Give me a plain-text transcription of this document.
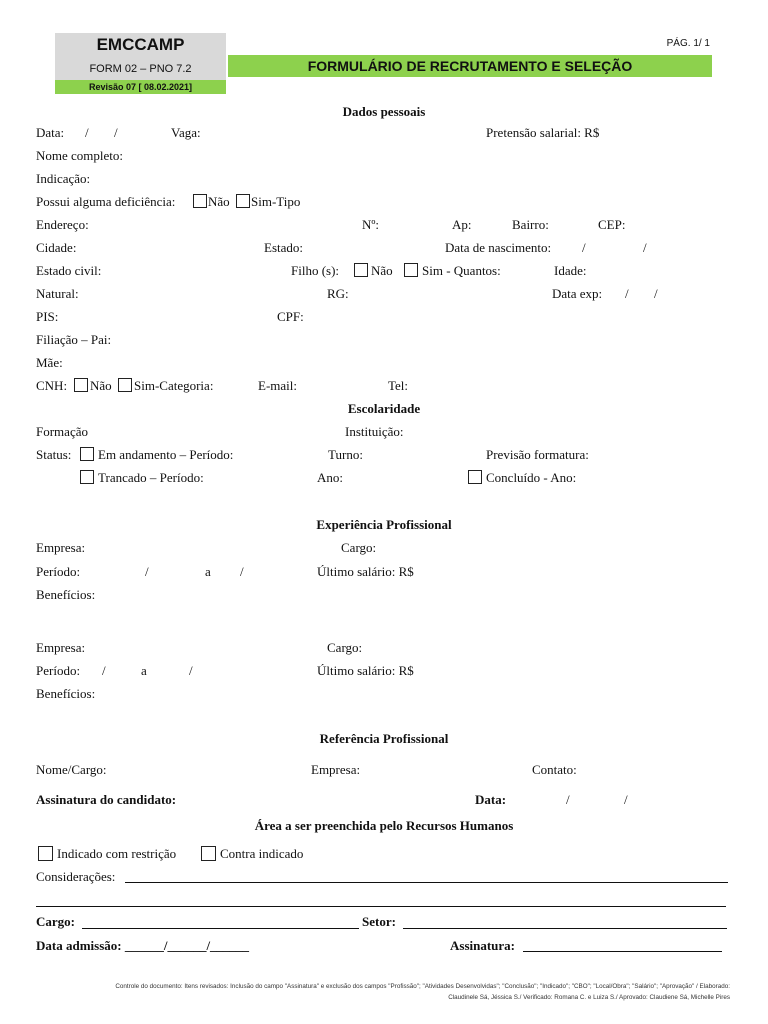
EMCCAMP
FORM 02 – PNO 7.2
Revisão 07 [ 08.02.2021]
FORMULÁRIO DE RECRUTAMENTO E SELEÇÃO
PÁG. 1/ 1
Dados pessoais
Data: / /	Vaga:	Pretensão salarial: R$
Nome completo:
Indicação:
Possui alguma deficiência:	Não Sim-Tipo
Endereço:	Nº:	Ap:	Bairro:	CEP:
Cidade:	Estado:	Data de nascimento: /	/
Estado civil:	Filho (s): Não Sim - Quantos:	Idade:
Natural:	RG:	Data exp: / /
PIS:	CPF:
Filiação – Pai:
Mãe:
CNH: Não Sim-Categoria:	E-mail:	Tel:
Escolaridade
Formação	Instituição:
Status: Em andamento – Período:	Turno:	Previsão formatura:
Trancado – Período:	Ano:	Concluído - Ano:
Experiência Profissional
Empresa:	Cargo:
Período:	/	a /	Último salário: R$
Benefícios:
Empresa:	Cargo:
Período: /	a	/	Último salário: R$
Benefícios:
Referência Profissional
Nome/Cargo:	Empresa:	Contato:
Assinatura do candidato:	Data:	/	/
Área a ser preenchida pelo Recursos Humanos
Indicado com restrição	Contra indicado
Considerações:
Cargo:	Setor:
Data admissão: ______/______/______	Assinatura:
Controle do documento: Itens revisados: Inclusão do campo "Assinatura" e exclusão dos campos "Profissão"; "Atividades Desenvolvidas"; "Conclusão"; "Indicado"; "CBO"; "Local/Obra"; "Salário"; "Aprovação" / Elaborado:
Claudinele Sá, Jéssica S./ Verificado: Romana C. e Luiza S./ Aprovado: Claudiene Sá, Michelle Pires
